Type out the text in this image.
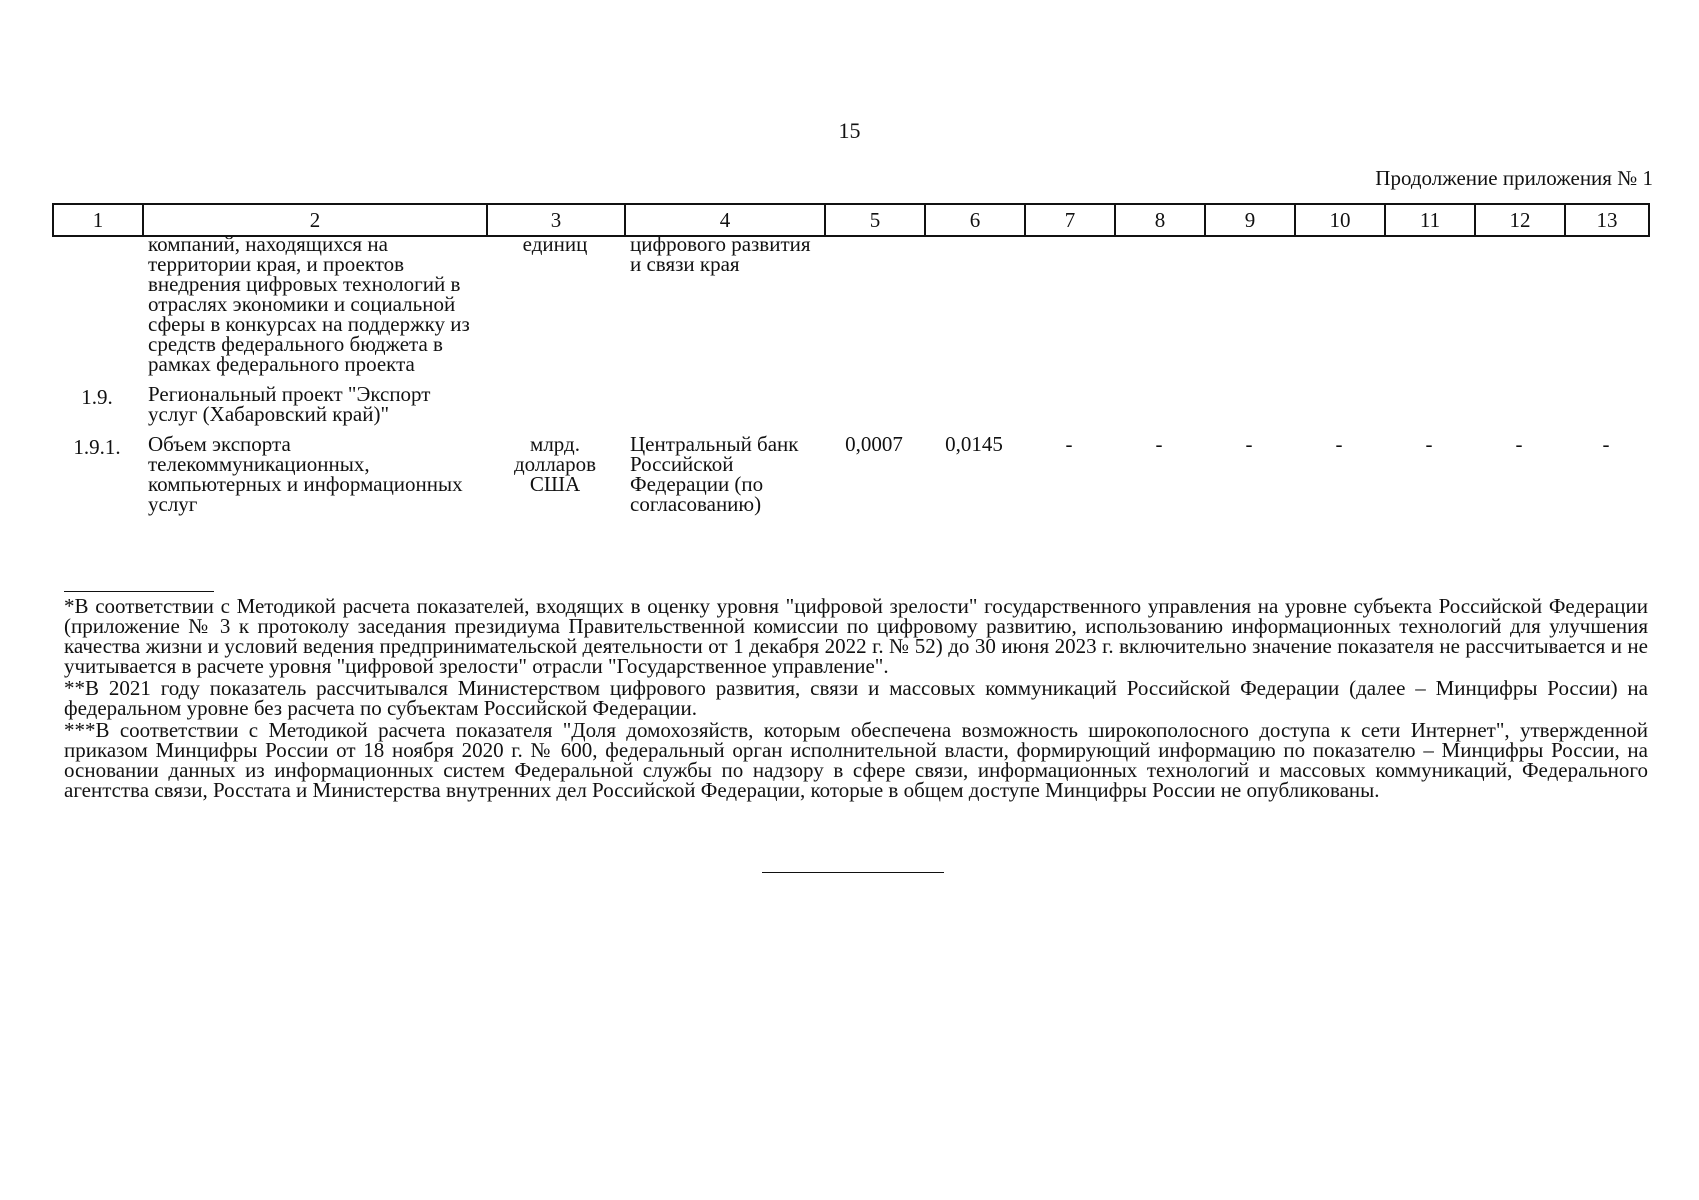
15
Продолжение приложения № 1
1	2	3	4	5	6	7	8	9	10	11	12	13
	компаний, находящихся на территории края, и проектов внедрения цифровых технологий в отраслях экономики и социальной сферы в конкурсах на поддержку из средств федерального бюджета в рамках федерального проекта	единиц	цифрового развития и связи края									
1.9.	Региональный проект "Экспорт услуг (Хабаровский край)"											
1.9.1.	Объем экспорта телекоммуникационных, компьютерных и информационных услуг	млрд. долларов США	Центральный банк Российской Федерации (по согласованию)	0,0007	0,0145	-	-	-	-	-	-	-

*В соответствии с Методикой расчета показателей, входящих в оценку уровня "цифровой зрелости" государственного управления на уровне субъекта Российской Федерации (приложение № 3 к протоколу заседания президиума Правительственной комиссии по цифровому развитию, использованию информационных технологий для улучшения качества жизни и условий ведения предпринимательской деятельности от 1 декабря 2022 г. № 52) до 30 июня 2023 г. включительно значение показателя не рассчитывается и не учитывается в расчете уровня "цифровой зрелости" отрасли "Государственное управление".

**В 2021 году показатель рассчитывался Министерством цифрового развития, связи и массовых коммуникаций Российской Федерации (далее – Минцифры России) на федеральном уровне без расчета по субъектам Российской Федерации.

***В соответствии с Методикой расчета показателя "Доля домохозяйств, которым обеспечена возможность широкополосного доступа к сети Интернет", утвержденной приказом Минцифры России от 18 ноября 2020 г. № 600, федеральный орган исполнительной власти, формирующий информацию по показателю – Минцифры России, на основании данных из информационных систем Федеральной службы по надзору в сфере связи, информационных технологий и массовых коммуникаций, Федерального агентства связи, Росстата и Министерства внутренних дел Российской Федерации, которые в общем доступе Минцифры России не опубликованы.
